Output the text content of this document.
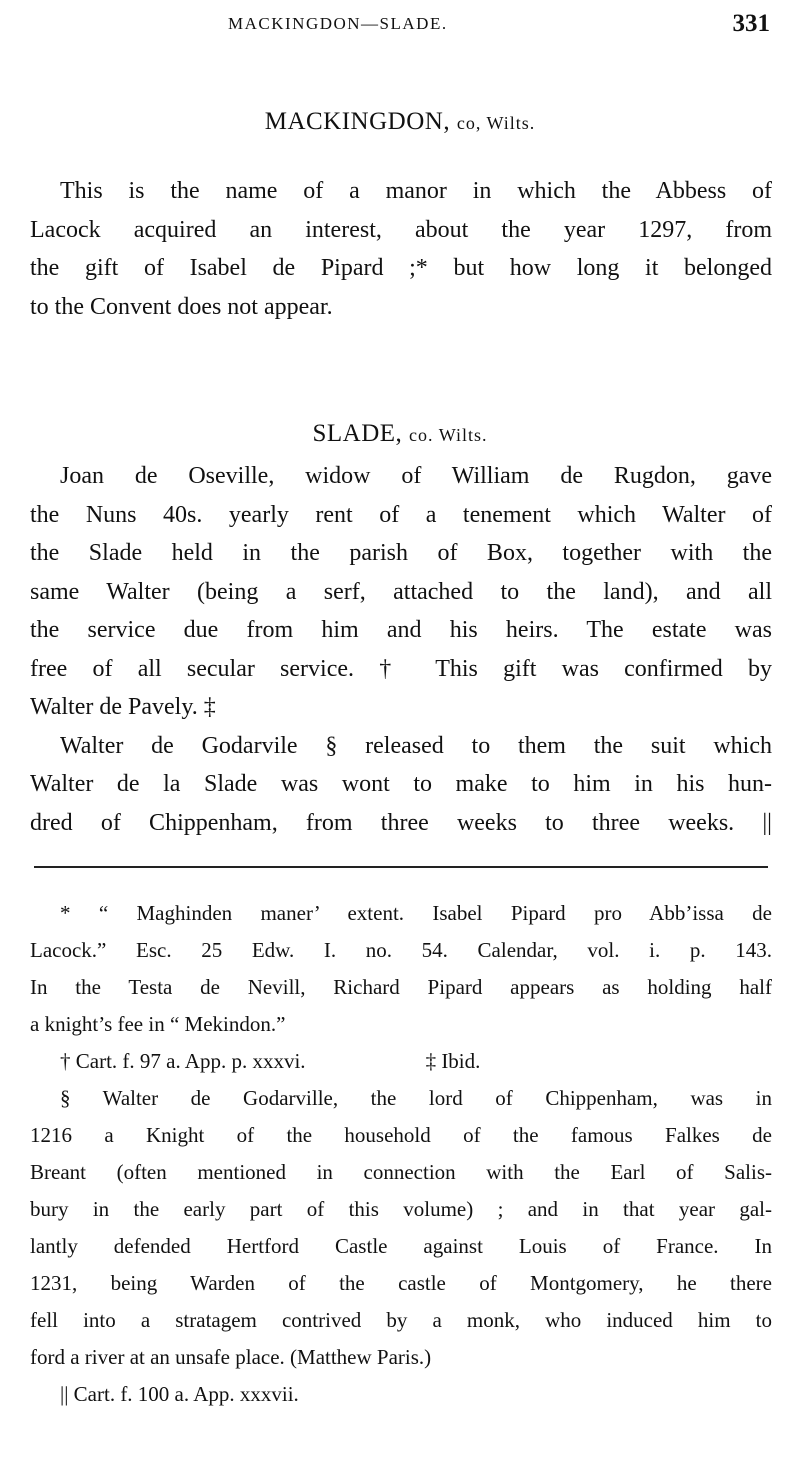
MACKINGDON—SLADE.	331
MACKINGDON, co, Wilts.
This is the name of a manor in which the Abbess of
Lacock acquired an interest, about the year 1297, from
the gift of Isabel de Pipard ;* but how long it belonged
to the Convent does not appear.
SLADE, co. Wilts.
Joan de Oseville, widow of William de Rugdon, gave
the Nuns 40s. yearly rent of a tenement which Walter of
the Slade held in the parish of Box, together with the
same Walter (being a serf, attached to the land), and all
the service due from him and his heirs. The estate was
free of all secular service. † This gift was confirmed by
Walter de Pavely. ‡
Walter de Godarvile § released to them the suit which
Walter de la Slade was wont to make to him in his hun-
dred of Chippenham, from three weeks to three weeks. ||
* “ Maghinden maner’ extent. Isabel Pipard pro Abb’issa de
Lacock.” Esc. 25 Edw. I. no. 54. Calendar, vol. i. p. 143.
In the Testa de Nevill, Richard Pipard appears as holding half
a knight’s fee in “ Mekindon.”
† Cart. f. 97 a. App. p. xxxvi.	‡ Ibid.
§ Walter de Godarville, the lord of Chippenham, was in
1216 a Knight of the household of the famous Falkes de
Breant (often mentioned in connection with the Earl of Salis-
bury in the early part of this volume) ; and in that year gal-
lantly defended Hertford Castle against Louis of France. In
1231, being Warden of the castle of Montgomery, he there
fell into a stratagem contrived by a monk, who induced him to
ford a river at an unsafe place. (Matthew Paris.)
|| Cart. f. 100 a. App. xxxvii.
